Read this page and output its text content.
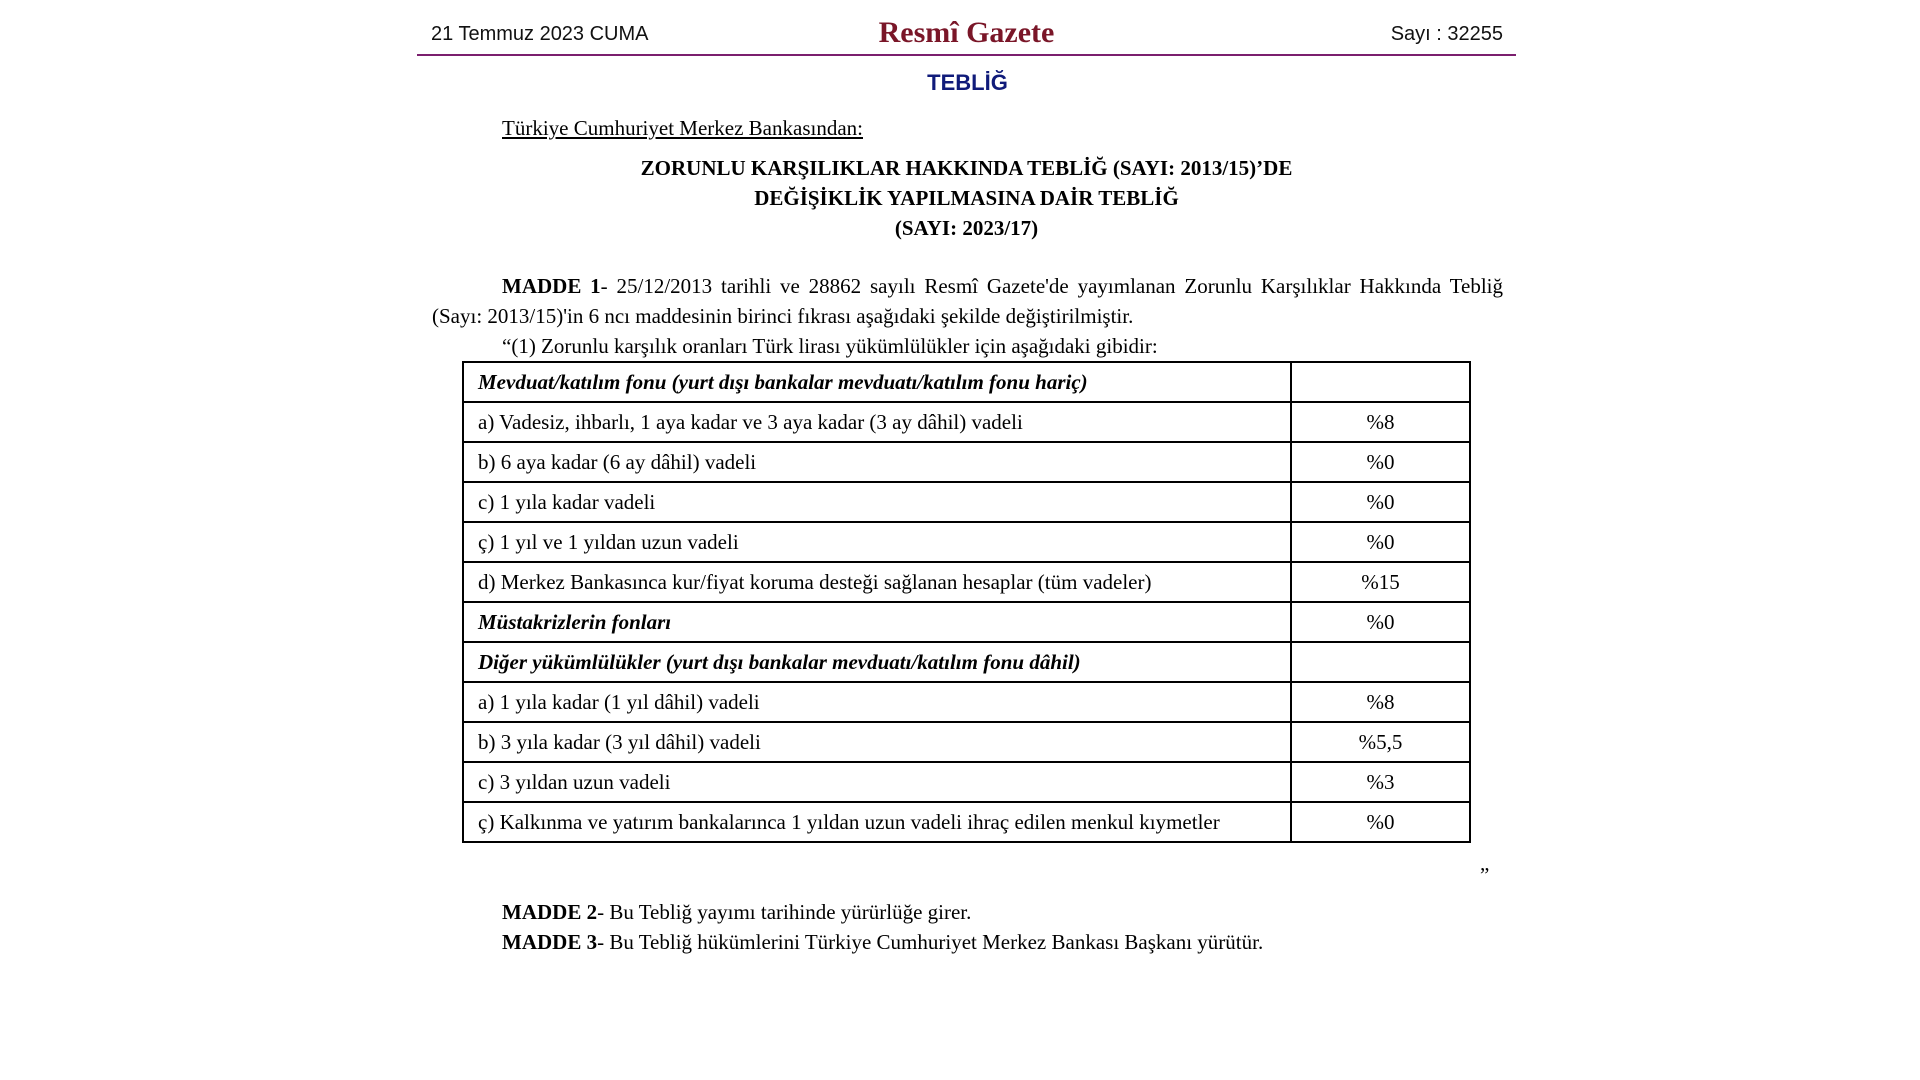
21 Temmuz 2023 CUMA	Resmî Gazete	Sayı : 32255
TEBLİĞ
Türkiye Cumhuriyet Merkez Bankasından:
ZORUNLU KARŞILIKLAR HAKKINDA TEBLİĞ (SAYI: 2013/15)’DE
DEĞİŞİKLİK YAPILMASINA DAİR TEBLİĞ
(SAYI: 2023/17)
MADDE 1- 25/12/2013 tarihli ve 28862 sayılı Resmî Gazete'de yayımlanan Zorunlu Karşılıklar Hakkında Tebliğ (Sayı: 2013/15)'in 6 ncı maddesinin birinci fıkrası aşağıdaki şekilde değiştirilmiştir.
“(1) Zorunlu karşılık oranları Türk lirası yükümlülükler için aşağıdaki gibidir:
Mevduat/katılım fonu (yurt dışı bankalar mevduatı/katılım fonu hariç)	
a) Vadesiz, ihbarlı, 1 aya kadar ve 3 aya kadar (3 ay dâhil) vadeli	%8
b) 6 aya kadar (6 ay dâhil) vadeli	%0
c) 1 yıla kadar vadeli	%0
ç) 1 yıl ve 1 yıldan uzun vadeli	%0
d) Merkez Bankasınca kur/fiyat koruma desteği sağlanan hesaplar (tüm vadeler)	%15
Müstakrizlerin fonları	%0
Diğer yükümlülükler (yurt dışı bankalar mevduatı/katılım fonu dâhil)	
a) 1 yıla kadar (1 yıl dâhil) vadeli	%8
b) 3 yıla kadar (3 yıl dâhil) vadeli	%5,5
c) 3 yıldan uzun vadeli	%3
ç) Kalkınma ve yatırım bankalarınca 1 yıldan uzun vadeli ihraç edilen menkul kıymetler	%0
”
MADDE 2- Bu Tebliğ yayımı tarihinde yürürlüğe girer.
MADDE 3- Bu Tebliğ hükümlerini Türkiye Cumhuriyet Merkez Bankası Başkanı yürütür.
